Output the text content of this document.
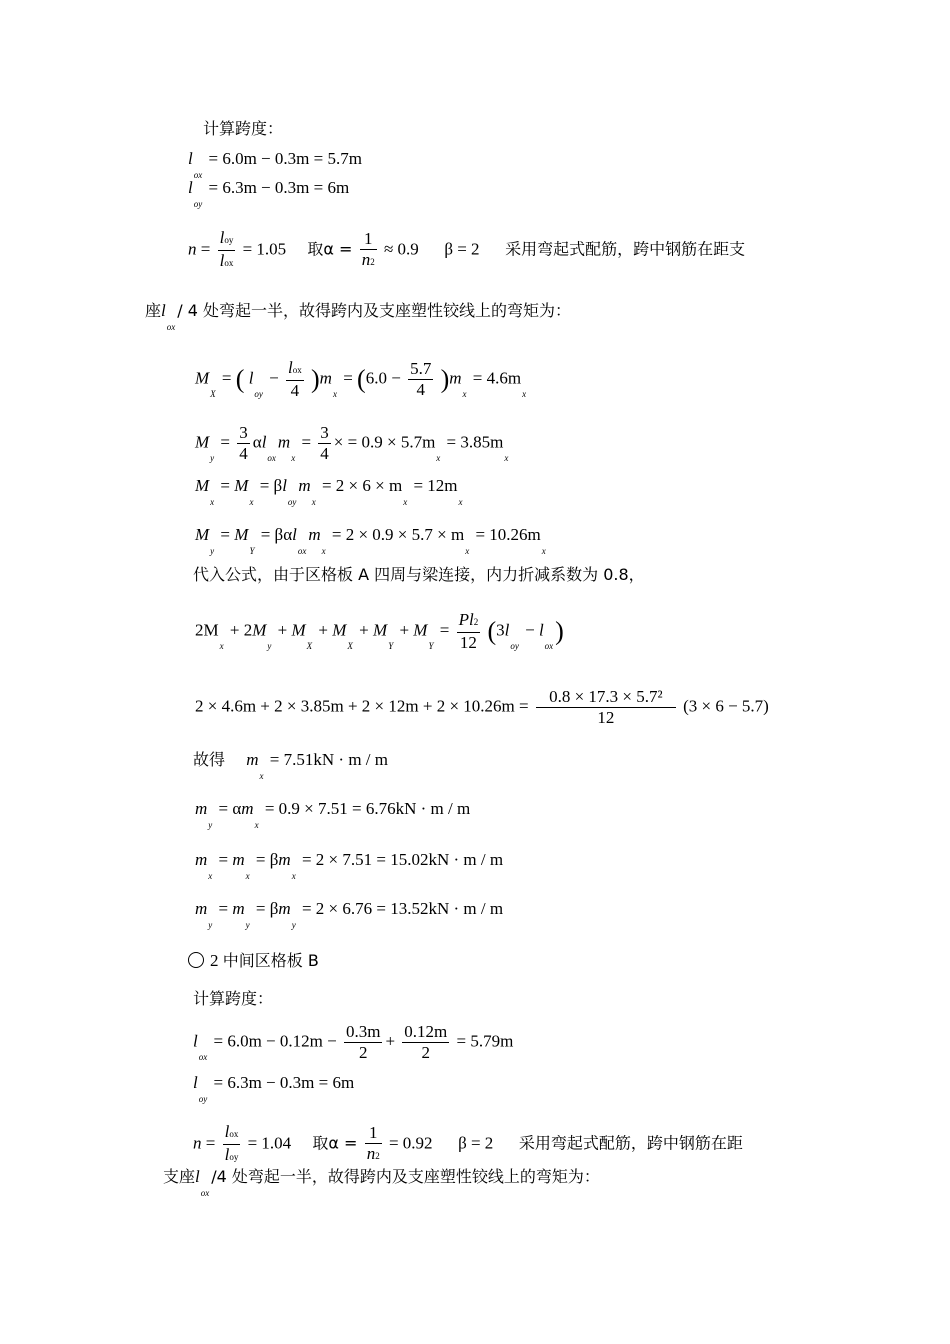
计算跨度：
$l_{ox} = 6.0m - 0.3m = 5.7m$
$l_{oy} = 6.3m - 0.3m = 6m$
$n = \frac{\text{loy}}{\text{lox}} = 1.05$ 取$\alpha = \frac{1}{n2} \approx 0.9$ β = 2 采用弯起式配筋，跨中钢筋在距支
座$l_{ox}/$ 4 处弯起一半，故得跨内及支座塑性铰线上的弯矩为：
$M_X$ = ( $l_{oy} - \frac{\text{lox}}{4} )m_x = (6.0 - \frac{5.7}{4} )m_x = 4.6m_x$
$M_y = \frac{3}{4} \alpha l_{ox}m_x = \frac{3}{4}$ × = $0.9 \times 5.7m_x = 3.85m_x$
$M_x = M_x = \beta l_{oy}m_x = 2 \times 6 \times m_x = 12m_x$
$M_y = M_Y = \beta\alpha l_{ox}m_x = 2 \times 0.9 \times 5.7 \times m_x = 10.26m_x$
代入公式，由于区格板 A 四周与梁连接，内力折减系数为 0.8，
$2M_x + 2M_y + M_X + M_X + M_Y + M_Y = \frac{Pl2}{12} (3l_{oy} - l_{ox})$
$2 \times 4.6m + 2 \times 3.85m + 2 \times 12m + 2 \times 10.26m = \frac{\text{0.8 × 17.3 × 5.7²}}{12} (3 \times 6 - 5.7)$
故得 $m_x = 7.51kN \cdot m / m$
$m_y = \alpha m_x = 0.9 \times 7.51 = 6.76kN \cdot m / m$
$m_x = m_x = \beta m_x = 2 \times 7.51 = 15.02kN \cdot m / m$
$m_y = m_y = \beta m_y = 2 \times 6.76 = 13.52kN \cdot m / m$
2 中间区格板 B
计算跨度：
$l_{ox} = 6.0m - 0.12m - \frac{0.3m}{2} + \frac{0.12m}{2} = 5.79m$
$l_{oy} = 6.3m - 0.3m = 6m$
$n = \frac{\text{lox}}{\text{loy}} = 1.04$ 取$\alpha = \frac{1}{n2} = 0.92$ β = 2 采用弯起式配筋，跨中钢筋在距
支座$l_{ox}/4$ 处弯起一半，故得跨内及支座塑性铰线上的弯矩为：
